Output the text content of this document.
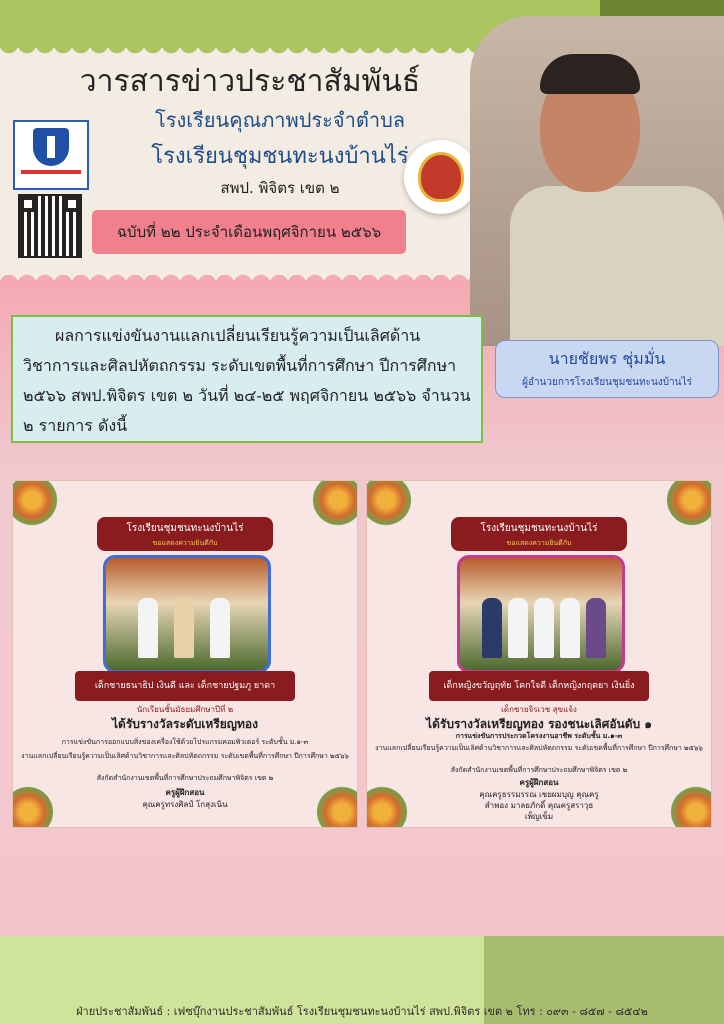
วารสารข่าวประชาสัมพันธ์
โรงเรียนคุณภาพประจำตำบล
โรงเรียนชุมชนทะนงบ้านไร่
สพป. พิจิตร เขต ๒
ฉบับที่ ๒๒ ประจำเดือนพฤศจิกายน ๒๕๖๖
นายชัยพร ชุ่มมั่น
ผู้อำนวยการโรงเรียนชุมชนทะนงบ้านไร่

ผลการแข่งขันงานแลกเปลี่ยนเรียนรู้ความเป็นเลิศด้านวิชาการและศิลปหัตถกรรม ระดับเขตพื้นที่การศึกษา ปีการศึกษา ๒๕๖๖ สพป.พิจิตร เขต ๒ วันที่ ๒๔-๒๕ พฤศจิกายน ๒๕๖๖ จำนวน ๒ รายการ ดังนี้

โรงเรียนชุมชนทะนงบ้านไร่
ขอแสดงความยินดีกับ
เด็กชายธนาธิป เงินดี และ เด็กชายปฐมภู ยาดา
นักเรียนชั้นมัธยมศึกษาปีที่ ๒
ได้รับรางวัลระดับเหรียญทอง
การแข่งขันการออกแบบสิ่งของเครื่องใช้ด้วยโปรแกรมคอมพิวเตอร์ ระดับชั้น ม.๑-๓
งานแลกเปลี่ยนเรียนรู้ความเป็นเลิศด้านวิชาการและศิลปหัตถกรรม ระดับเขตพื้นที่การศึกษา ปีการศึกษา ๒๕๖๖
สังกัดสำนักงานเขตพื้นที่การศึกษาประถมศึกษาพิจิตร เขต ๒
ครูผู้ฝึกสอน
คุณครูทรงศิลป์ โกสุงเนิน
โรงเรียนชุมชนทะนงบ้านไร่
ขอแสดงความยินดีกับ
เด็กหญิงขวัญฤทัย โคกใจดี เด็กหญิงกฤตยา เงินยิ่ง
เด็กชายจิรเวช สุขแจ้ง
ได้รับรางวัลเหรียญทอง รองชนะเลิศอันดับ ๑
การแข่งขันการประกวดโครงงานอาชีพ ระดับชั้น ม.๑-๓
งานแลกเปลี่ยนเรียนรู้ความเป็นเลิศด้านวิชาการและศิลปหัตถกรรม ระดับเขตพื้นที่การศึกษา ปีการศึกษา ๒๕๖๖
สังกัดสำนักงานเขตพื้นที่การศึกษาประถมศึกษาพิจิตร เขต ๒
ครูผู้ฝึกสอน
คุณครูธรรมรรณ เชยผมบุญ คุณครูสำพอง มาลยภักดิ์ คุณครูสราวุธ เพ็ญเข็ม
ฝ่ายประชาสัมพันธ์ : เฟซบุ๊กงานประชาสัมพันธ์ โรงเรียนชุมชนทะนงบ้านไร่ สพป.พิจิตร เขต ๒ โทร : ๐๙๓ - ๘๕๗ - ๘๕๔๒
